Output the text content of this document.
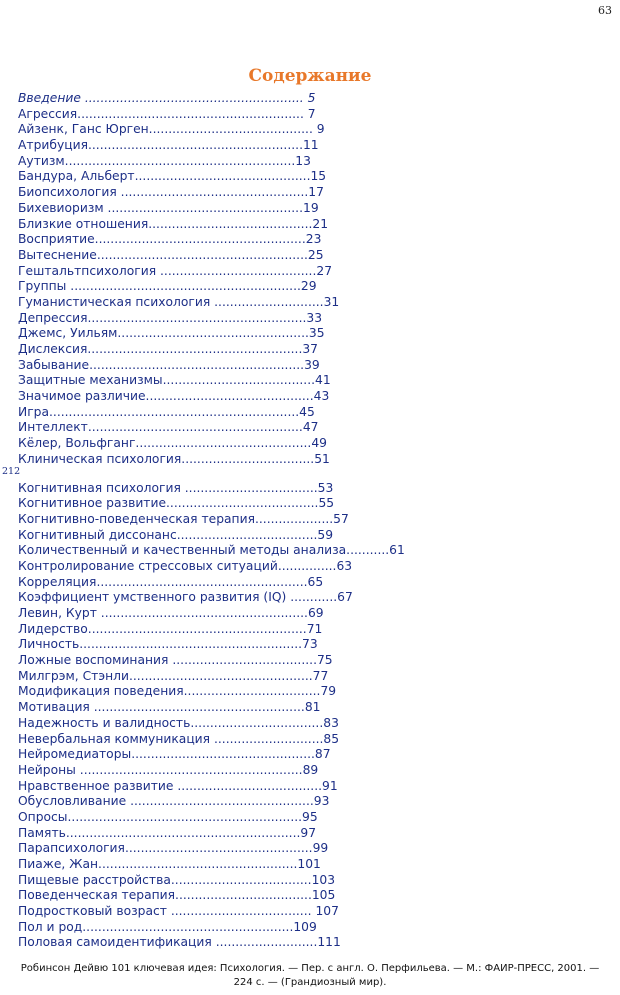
63
Содержание
212
Введение ........................................................ 5
Агрессия.......................................................... 7
Айзенк, Ганс Юрген.......................................... 9
Атрибуция.......................................................11
Аутизм...........................................................13
Бандура, Альберт.............................................15
Биопсихология ................................................17
Бихевиоризм ..................................................19
Близкие отношения..........................................21
Восприятие......................................................23
Вытеснение......................................................25
Гештальтпсихология ........................................27
Группы ...........................................................29
Гуманистическая психология ............................31
Депрессия........................................................33
Джемс, Уильям.................................................35
Дислексия.......................................................37
Забывание.......................................................39
Защитные механизмы.......................................41
Значимое различие...........................................43
Игра................................................................45
Интеллект.......................................................47
Кёлер, Вольфганг.............................................49
Клиническая психология..................................51
Когнитивная психология ..................................53
Когнитивное развитие.......................................55
Когнитивно-поведенческая терапия....................57
Когнитивный диссонанс....................................59
Количественный и качественный методы анализа...........61
Контролирование стрессовых ситуаций...............63
Корреляция......................................................65
Коэффициент умственного развития (IQ) ............67
Левин, Курт .....................................................69
Лидерство........................................................71
Личность.........................................................73
Ложные воспоминания .....................................75
Милгрэм, Стэнли...............................................77
Модификация поведения...................................79
Мотивация ......................................................81
Надежность и валидность..................................83
Невербальная коммуникация ............................85
Нейромедиаторы...............................................87
Нейроны .........................................................89
Нравственное развитие .....................................91
Обусловливание ...............................................93
Опросы............................................................95
Память............................................................97
Парапсихология................................................99
Пиаже, Жан...................................................101
Пищевые расстройства....................................103
Поведенческая терапия...................................105
Подростковый возраст .................................... 107
Пол и род......................................................109
Половая самоидентификация ..........................111
Робинсон Дейвю 101 ключевая идея: Психология. — Пер. с англ. О. Перфильева. — М.: ФАИР-ПРЕСС, 2001. —
224 с. — (Грандиозный мир).
